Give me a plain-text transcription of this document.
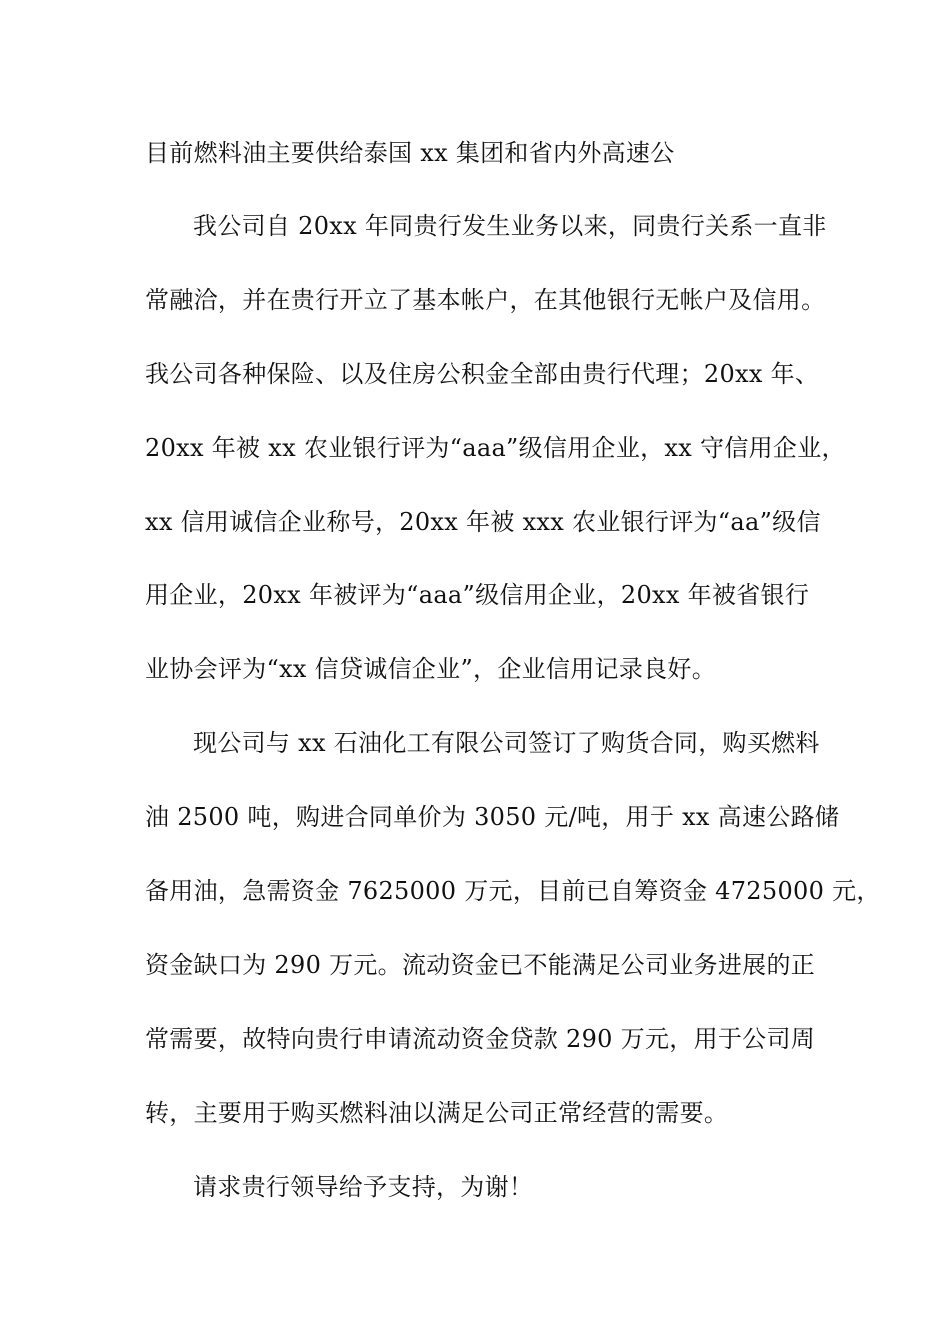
目前燃料油主要供给泰国 xx 集团和省内外高速公
我公司自 20xx 年同贵行发生业务以来，同贵行关系一直非
常融洽，并在贵行开立了基本帐户，在其他银行无帐户及信用。
我公司各种保险、以及住房公积金全部由贵行代理；20xx 年、
20xx 年被 xx 农业银行评为“aaa”级信用企业，xx 守信用企业，
xx 信用诚信企业称号，20xx 年被 xxx 农业银行评为“aa”级信
用企业，20xx 年被评为“aaa”级信用企业，20xx 年被省银行
业协会评为“xx 信贷诚信企业”，企业信用记录良好。
现公司与 xx 石油化工有限公司签订了购货合同，购买燃料
油 2500 吨，购进合同单价为 3050 元/吨，用于 xx 高速公路储
备用油，急需资金 7625000 万元，目前已自筹资金 4725000 元，
资金缺口为 290 万元。流动资金已不能满足公司业务进展的正
常需要，故特向贵行申请流动资金贷款 290 万元，用于公司周
转，主要用于购买燃料油以满足公司正常经营的需要。
请求贵行领导给予支持，为谢！
